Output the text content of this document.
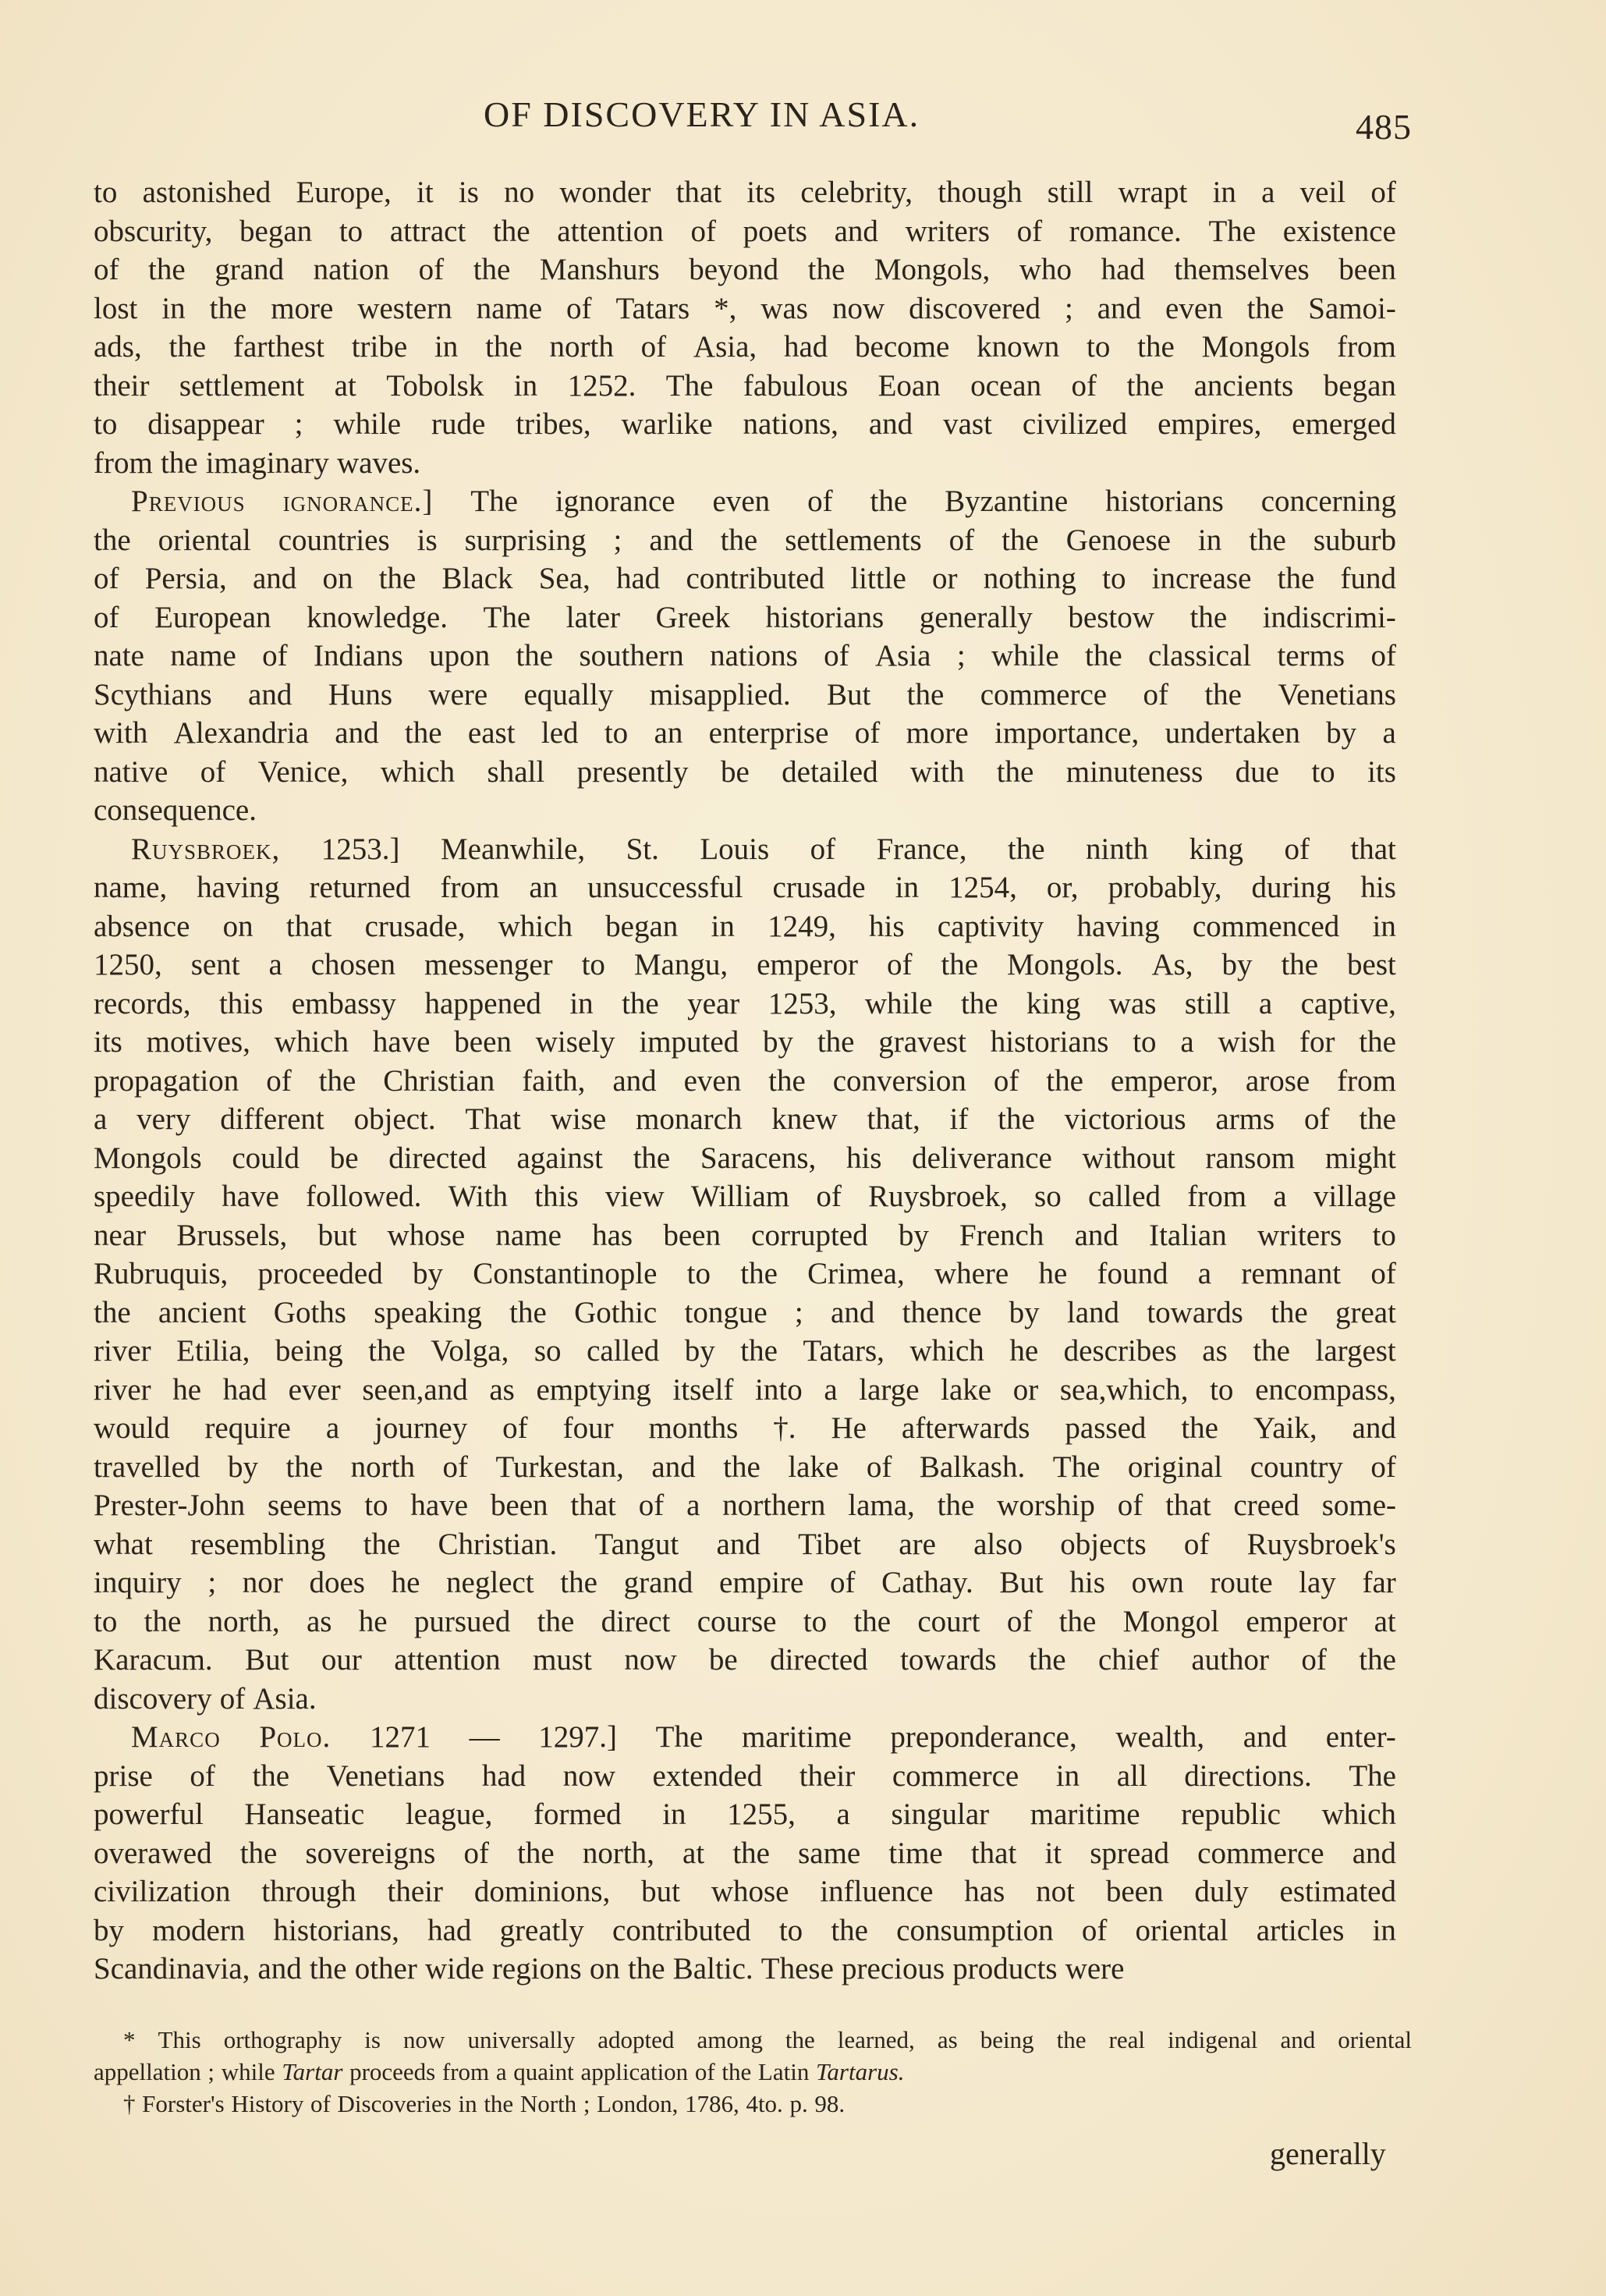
OF DISCOVERY IN ASIA.	485
to astonished Europe, it is no wonder that its celebrity, though still wrapt in a veil of
obscurity, began to attract the attention of poets and writers of romance. The existence
of the grand nation of the Manshurs beyond the Mongols, who had themselves been
lost in the more western name of Tatars *, was now discovered ; and even the Samoi-
ads, the farthest tribe in the north of Asia, had become known to the Mongols from
their settlement at Tobolsk in 1252. The fabulous Eoan ocean of the ancients began
to disappear ; while rude tribes, warlike nations, and vast civilized empires, emerged
from the imaginary waves.
Previous ignorance.] The ignorance even of the Byzantine historians concerning
the oriental countries is surprising ; and the settlements of the Genoese in the suburb
of Persia, and on the Black Sea, had contributed little or nothing to increase the fund
of European knowledge. The later Greek historians generally bestow the indiscrimi-
nate name of Indians upon the southern nations of Asia ; while the classical terms of
Scythians and Huns were equally misapplied. But the commerce of the Venetians
with Alexandria and the east led to an enterprise of more importance, undertaken by a
native of Venice, which shall presently be detailed with the minuteness due to its
consequence.
Ruysbroek, 1253.] Meanwhile, St. Louis of France, the ninth king of that
name, having returned from an unsuccessful crusade in 1254, or, probably, during his
absence on that crusade, which began in 1249, his captivity having commenced in
1250, sent a chosen messenger to Mangu, emperor of the Mongols. As, by the best
records, this embassy happened in the year 1253, while the king was still a captive,
its motives, which have been wisely imputed by the gravest historians to a wish for the
propagation of the Christian faith, and even the conversion of the emperor, arose from
a very different object. That wise monarch knew that, if the victorious arms of the
Mongols could be directed against the Saracens, his deliverance without ransom might
speedily have followed. With this view William of Ruysbroek, so called from a village
near Brussels, but whose name has been corrupted by French and Italian writers to
Rubruquis, proceeded by Constantinople to the Crimea, where he found a remnant of
the ancient Goths speaking the Gothic tongue ; and thence by land towards the great
river Etilia, being the Volga, so called by the Tatars, which he describes as the largest
river he had ever seen,and as emptying itself into a large lake or sea,which, to encompass,
would require a journey of four months †. He afterwards passed the Yaik, and
travelled by the north of Turkestan, and the lake of Balkash. The original country of
Prester-John seems to have been that of a northern lama, the worship of that creed some-
what resembling the Christian. Tangut and Tibet are also objects of Ruysbroek's
inquiry ; nor does he neglect the grand empire of Cathay. But his own route lay far
to the north, as he pursued the direct course to the court of the Mongol emperor at
Karacum. But our attention must now be directed towards the chief author of the
discovery of Asia.
Marco Polo. 1271 — 1297.] The maritime preponderance, wealth, and enter-
prise of the Venetians had now extended their commerce in all directions. The
powerful Hanseatic league, formed in 1255, a singular maritime republic which
overawed the sovereigns of the north, at the same time that it spread commerce and
civilization through their dominions, but whose influence has not been duly estimated
by modern historians, had greatly contributed to the consumption of oriental articles in
Scandinavia, and the other wide regions on the Baltic. These precious products were
* This orthography is now universally adopted among the learned, as being the real indigenal and oriental
appellation ; while Tartar proceeds from a quaint application of the Latin Tartarus.
† Forster's History of Discoveries in the North ; London, 1786, 4to. p. 98.
generally
